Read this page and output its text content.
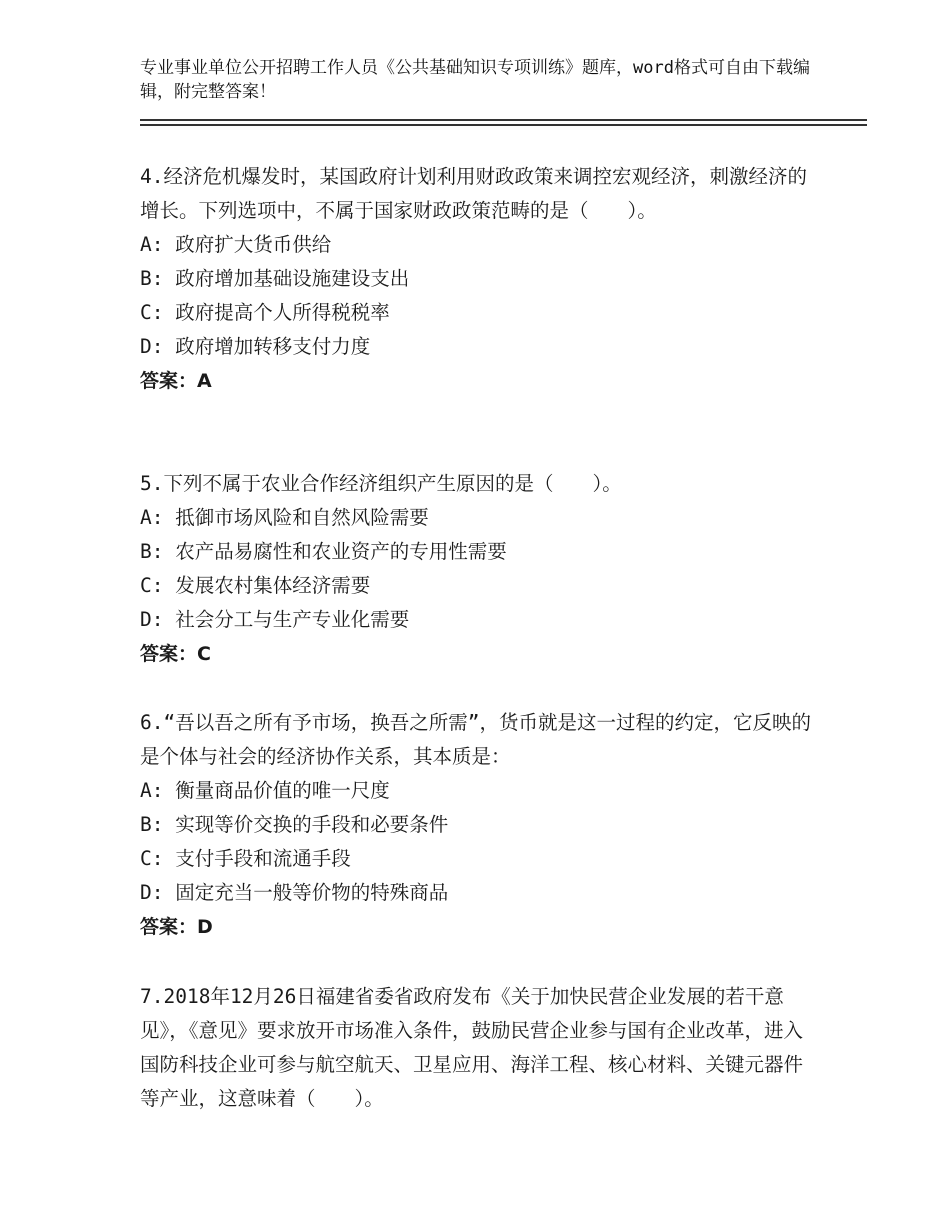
专业事业单位公开招聘工作人员《公共基础知识专项训练》题库，word格式可自由下载编辑，附完整答案！
4.经济危机爆发时，某国政府计划利用财政政策来调控宏观经济，刺激经济的增长。下列选项中，不属于国家财政政策范畴的是（　　）。
A: 政府扩大货币供给
B: 政府增加基础设施建设支出
C: 政府提高个人所得税税率
D: 政府增加转移支付力度
答案：A
5.下列不属于农业合作经济组织产生原因的是（　　）。
A: 抵御市场风险和自然风险需要
B: 农产品易腐性和农业资产的专用性需要
C: 发展农村集体经济需要
D: 社会分工与生产专业化需要
答案：C
6.“吾以吾之所有予市场，换吾之所需”，货币就是这一过程的约定，它反映的是个体与社会的经济协作关系，其本质是：
A: 衡量商品价值的唯一尺度
B: 实现等价交换的手段和必要条件
C: 支付手段和流通手段
D: 固定充当一般等价物的特殊商品
答案：D
7.2018年12月26日福建省委省政府发布《关于加快民营企业发展的若干意见》，《意见》要求放开市场准入条件，鼓励民营企业参与国有企业改革，进入国防科技企业可参与航空航天、卫星应用、海洋工程、核心材料、关键元器件等产业，这意味着（　　）。
